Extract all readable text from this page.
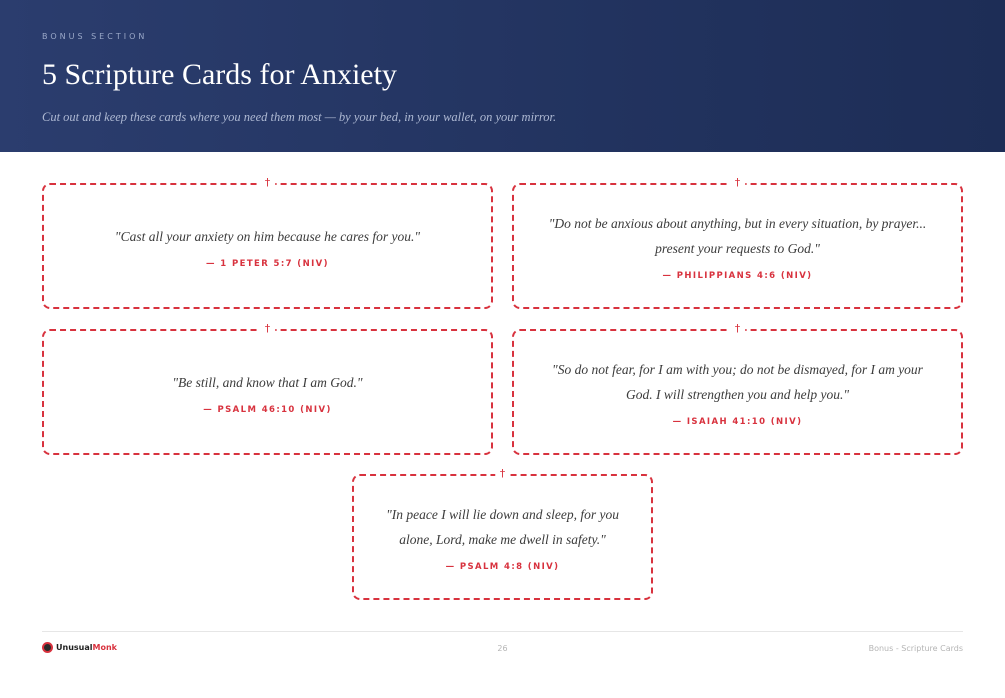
BONUS SECTION
5 Scripture Cards for Anxiety

Cut out and keep these cards where you need them most — by your bed, in your wallet, on your mirror.

†

"Cast all your anxiety on him because he cares for you."

— 1 PETER 5:7 (NIV)

†

"Do not be anxious about anything, but in every situation, by prayer... present your requests to God."

— PHILIPPIANS 4:6 (NIV)

†

"Be still, and know that I am God."

— PSALM 46:10 (NIV)

†

"So do not fear, for I am with you; do not be dismayed, for I am your God. I will strengthen you and help you."

— ISAIAH 41:10 (NIV)

†

"In peace I will lie down and sleep, for you alone, Lord, make me dwell in safety."

— PSALM 4:8 (NIV)

UnusualMonk	26	Bonus - Scripture Cards
